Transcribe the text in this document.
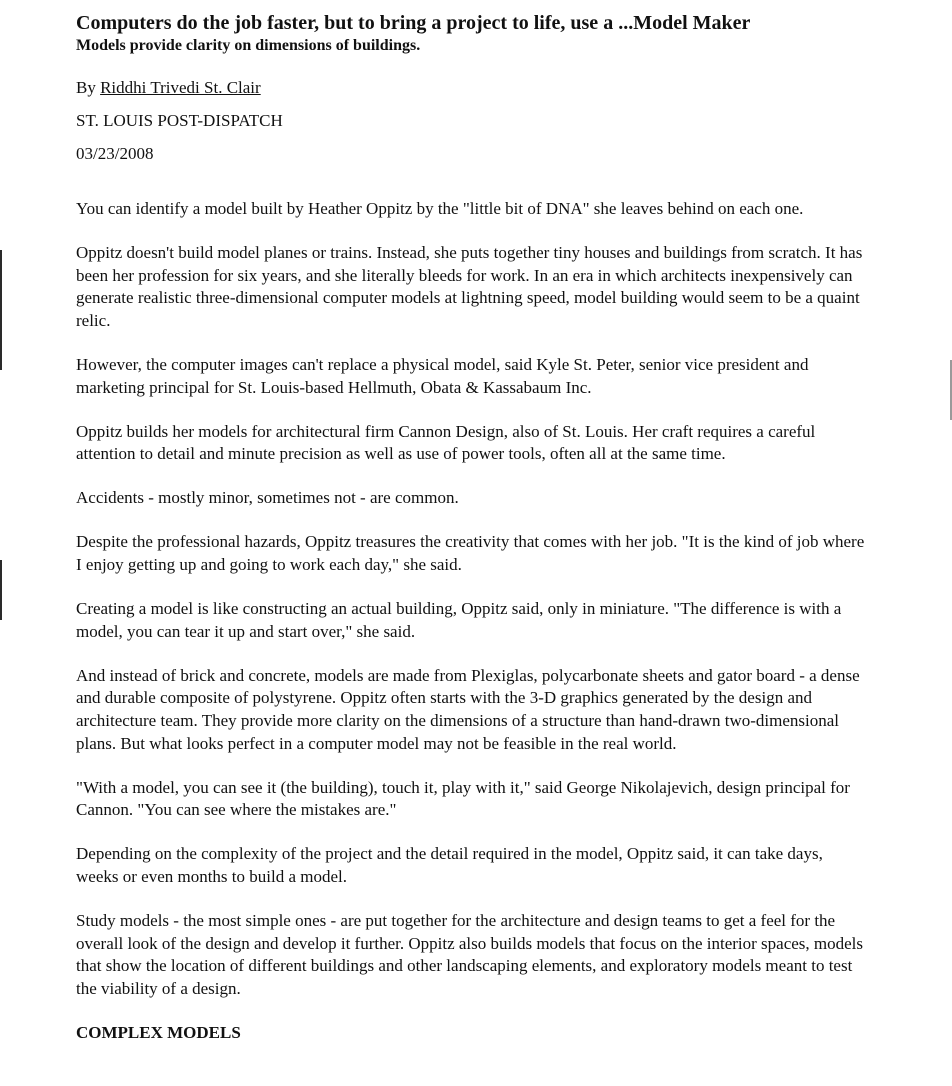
Computers do the job faster, but to bring a project to life, use a ...Model Maker
Models provide clarity on dimensions of buildings.
By Riddhi Trivedi St. Clair
ST. LOUIS POST-DISPATCH
03/23/2008

You can identify a model built by Heather Oppitz by the "little bit of DNA" she leaves behind on each one.

Oppitz doesn't build model planes or trains. Instead, she puts together tiny houses and buildings from scratch. It has been her profession for six years, and she literally bleeds for work. In an era in which architects inexpensively can generate realistic three-dimensional computer models at lightning speed, model building would seem to be a quaint relic.

However, the computer images can't replace a physical model, said Kyle St. Peter, senior vice president and marketing principal for St. Louis-based Hellmuth, Obata & Kassabaum Inc.

Oppitz builds her models for architectural firm Cannon Design, also of St. Louis. Her craft requires a careful attention to detail and minute precision as well as use of power tools, often all at the same time.

Accidents - mostly minor, sometimes not - are common.

Despite the professional hazards, Oppitz treasures the creativity that comes with her job. "It is the kind of job where I enjoy getting up and going to work each day," she said.

Creating a model is like constructing an actual building, Oppitz said, only in miniature. "The difference is with a model, you can tear it up and start over," she said.

And instead of brick and concrete, models are made from Plexiglas, polycarbonate sheets and gator board - a dense and durable composite of polystyrene. Oppitz often starts with the 3-D graphics generated by the design and architecture team. They provide more clarity on the dimensions of a structure than hand-drawn two-dimensional plans. But what looks perfect in a computer model may not be feasible in the real world.

"With a model, you can see it (the building), touch it, play with it," said George Nikolajevich, design principal for Cannon. "You can see where the mistakes are."

Depending on the complexity of the project and the detail required in the model, Oppitz said, it can take days, weeks or even months to build a model.

Study models - the most simple ones - are put together for the architecture and design teams to get a feel for the overall look of the design and develop it further. Oppitz also builds models that focus on the interior spaces, models that show the location of different buildings and other landscaping elements, and exploratory models meant to test the viability of a design.

COMPLEX MODELS
